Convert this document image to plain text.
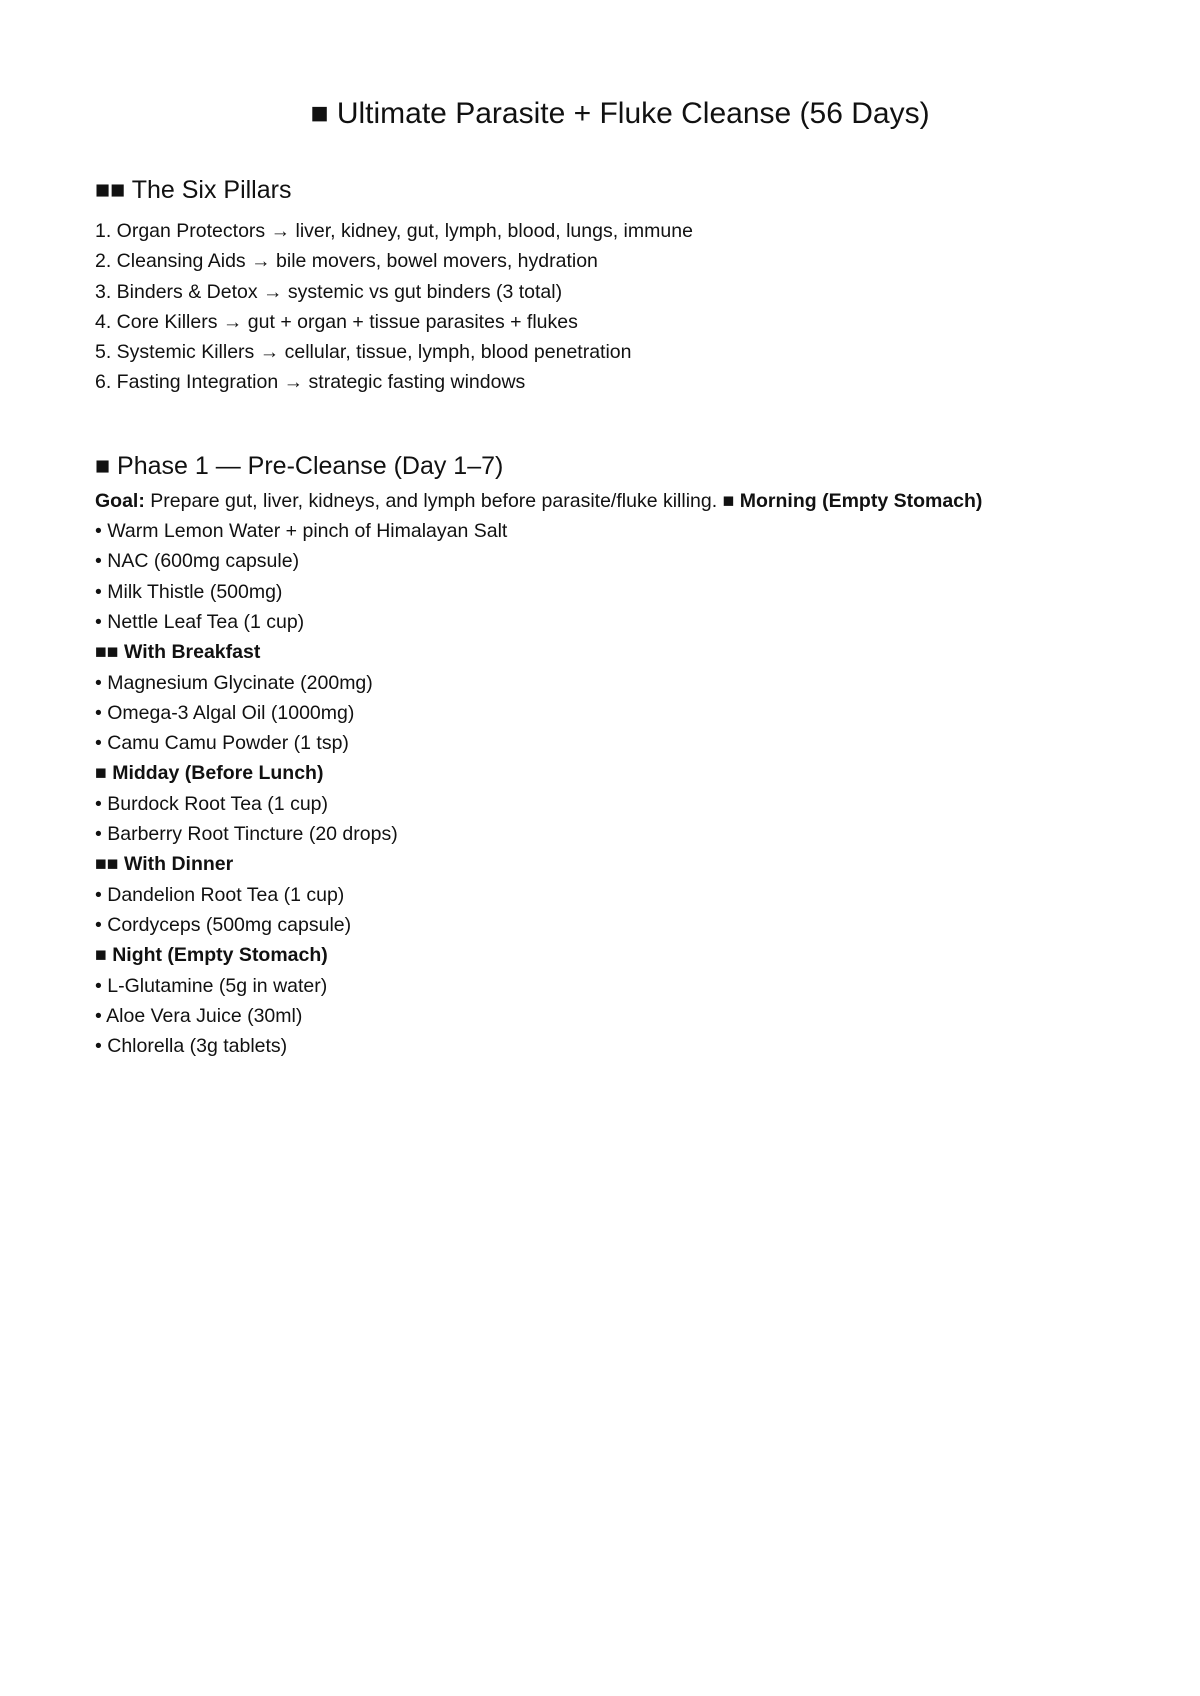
■ Ultimate Parasite + Fluke Cleanse (56 Days)
■■ The Six Pillars
1. Organ Protectors → liver, kidney, gut, lymph, blood, lungs, immune
2. Cleansing Aids → bile movers, bowel movers, hydration
3. Binders & Detox → systemic vs gut binders (3 total)
4. Core Killers → gut + organ + tissue parasites + flukes
5. Systemic Killers → cellular, tissue, lymph, blood penetration
6. Fasting Integration → strategic fasting windows
■ Phase 1 — Pre-Cleanse (Day 1–7)
Goal: Prepare gut, liver, kidneys, and lymph before parasite/fluke killing. ■ Morning (Empty Stomach)
• Warm Lemon Water + pinch of Himalayan Salt
• NAC (600mg capsule)
• Milk Thistle (500mg)
• Nettle Leaf Tea (1 cup)
■■ With Breakfast
• Magnesium Glycinate (200mg)
• Omega-3 Algal Oil (1000mg)
• Camu Camu Powder (1 tsp)
■ Midday (Before Lunch)
• Burdock Root Tea (1 cup)
• Barberry Root Tincture (20 drops)
■■ With Dinner
• Dandelion Root Tea (1 cup)
• Cordyceps (500mg capsule)
■ Night (Empty Stomach)
• L-Glutamine (5g in water)
• Aloe Vera Juice (30ml)
• Chlorella (3g tablets)
